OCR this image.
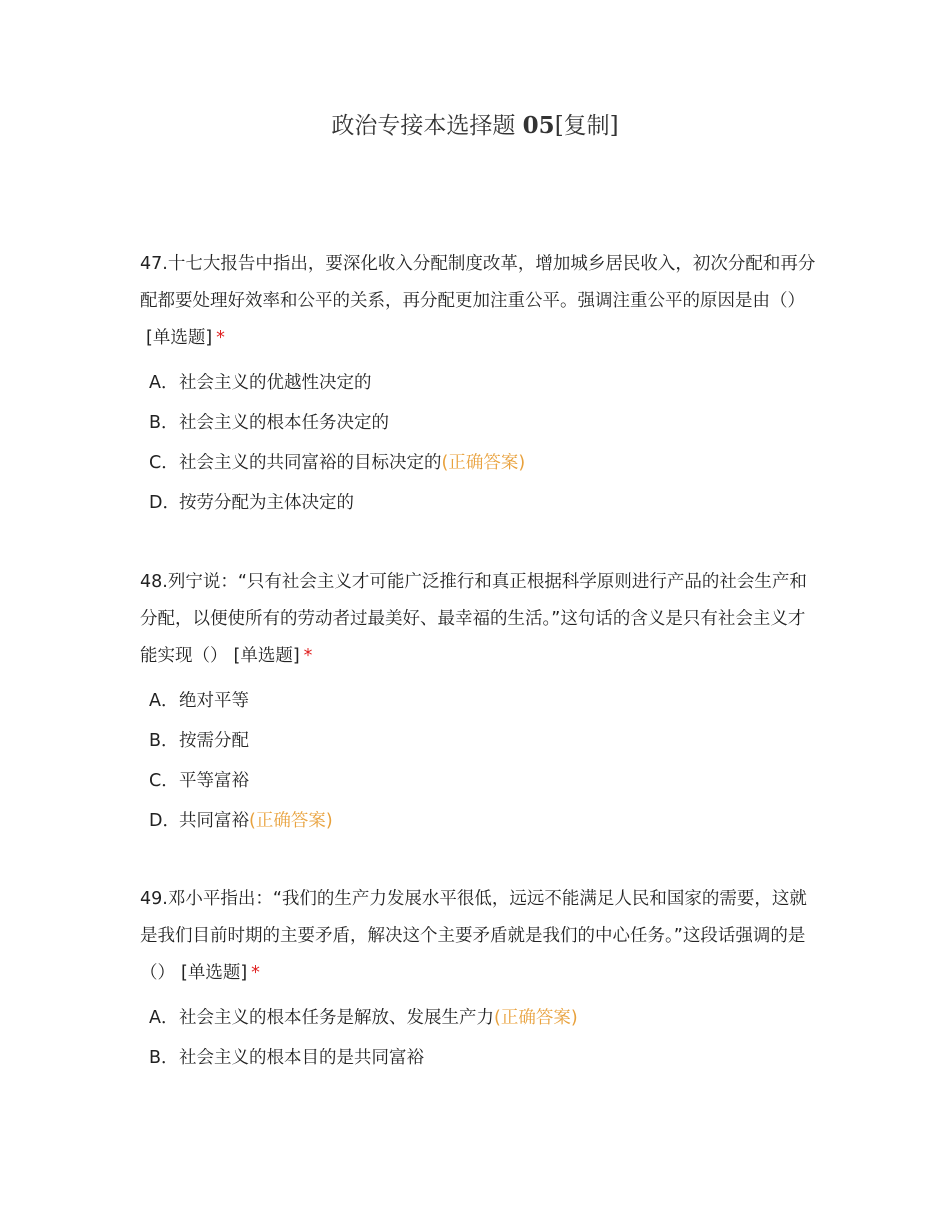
政治专接本选择题 05[复制]
47.十七大报告中指出，要深化收入分配制度改革，增加城乡居民收入，初次分配和再分配都要处理好效率和公平的关系，再分配更加注重公平。强调注重公平的原因是由（）[单选题] *
A．社会主义的优越性决定的
B．社会主义的根本任务决定的
C．社会主义的共同富裕的目标决定的(正确答案)
D．按劳分配为主体决定的
48.列宁说：“只有社会主义才可能广泛推行和真正根据科学原则进行产品的社会生产和分配，以便使所有的劳动者过最美好、最幸福的生活。”这句话的含义是只有社会主义才能实现（） [单选题] *
A．绝对平等
B．按需分配
C．平等富裕
D．共同富裕(正确答案)
49.邓小平指出：“我们的生产力发展水平很低，远远不能满足人民和国家的需要，这就是我们目前时期的主要矛盾，解决这个主要矛盾就是我们的中心任务。”这段话强调的是（） [单选题] *
A．社会主义的根本任务是解放、发展生产力(正确答案)
B．社会主义的根本目的是共同富裕
